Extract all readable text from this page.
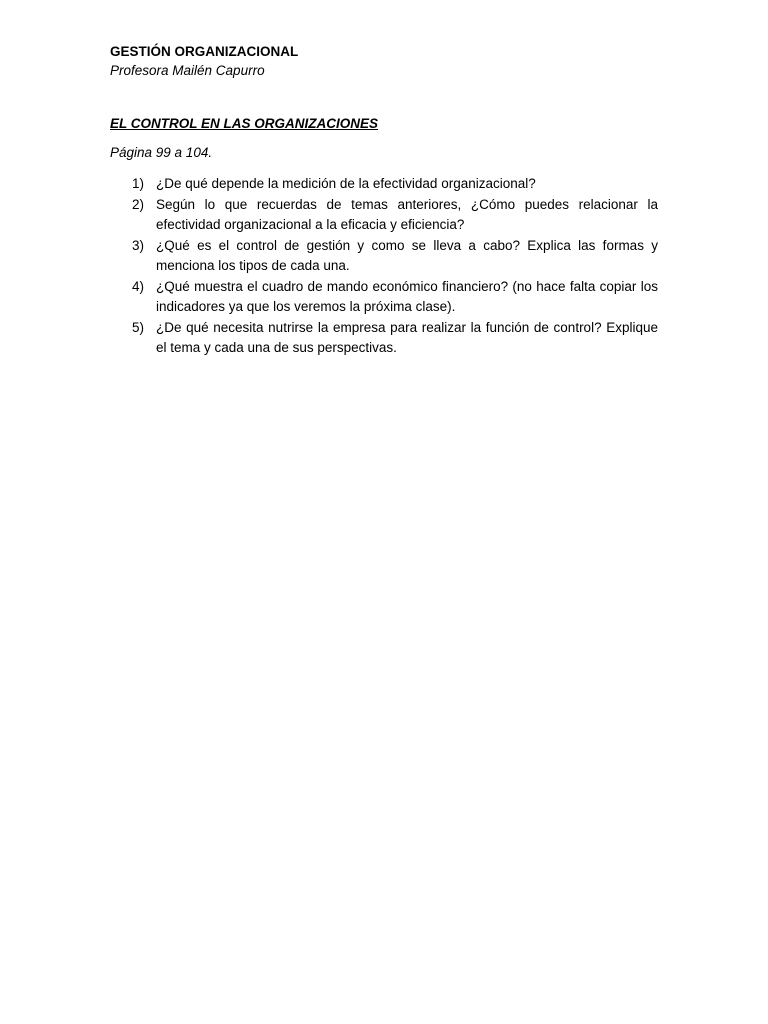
GESTIÓN ORGANIZACIONAL
Profesora Mailén Capurro
EL CONTROL EN LAS ORGANIZACIONES
Página 99 a 104.
1) ¿De qué depende la medición de la efectividad organizacional?
2) Según lo que recuerdas de temas anteriores, ¿Cómo puedes relacionar la efectividad organizacional a la eficacia y eficiencia?
3) ¿Qué es el control de gestión y como se lleva a cabo? Explica las formas y menciona los tipos de cada una.
4) ¿Qué muestra el cuadro de mando económico financiero? (no hace falta copiar los indicadores ya que los veremos la próxima clase).
5) ¿De qué necesita nutrirse la empresa para realizar la función de control? Explique el tema y cada una de sus perspectivas.
